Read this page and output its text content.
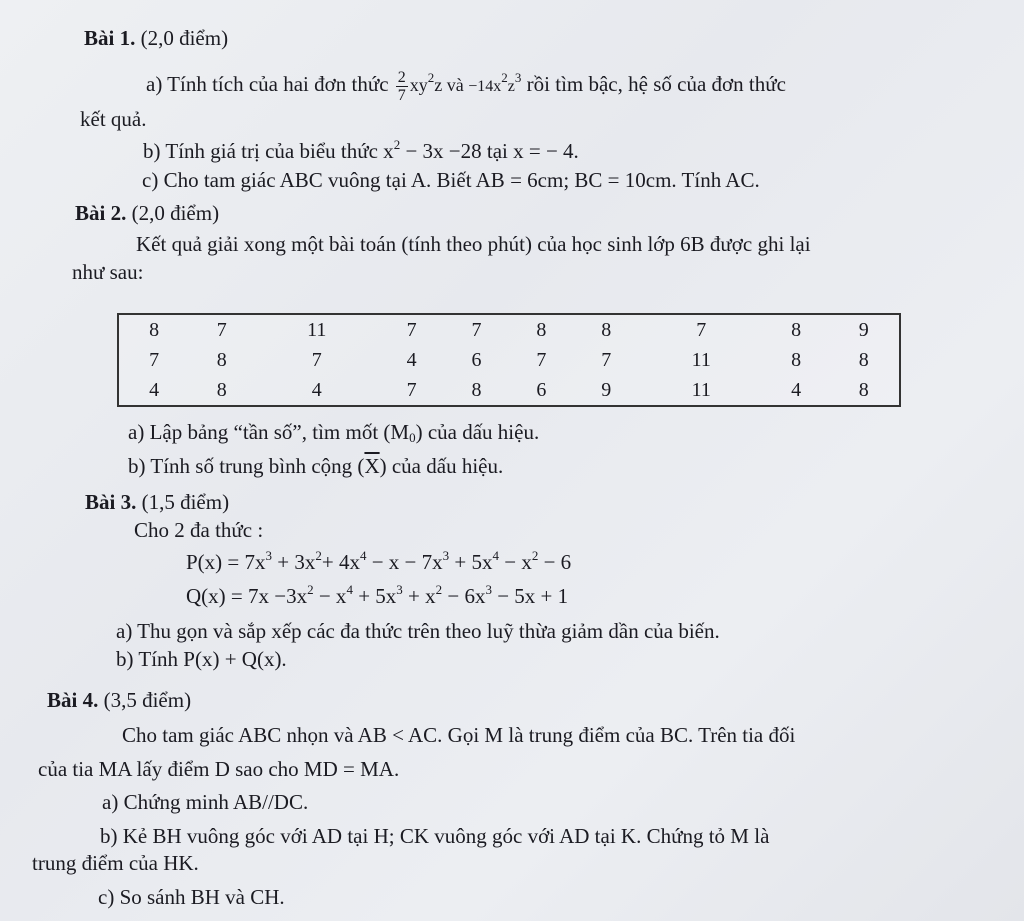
Bài 1. (2,0 điểm)
a) Tính tích của hai đơn thức $\frac{2}{7} xy^2z$ và $-14x^2z^3$ rồi tìm bậc, hệ số của đơn thức
kết quả.
b) Tính giá trị của biểu thức $x^2 - 3x -28$ tại x = − 4.
c) Cho tam giác ABC vuông tại A. Biết AB = 6cm; BC = 10cm. Tính AC.
Bài 2. (2,0 điểm)
Kết quả giải xong một bài toán (tính theo phút) của học sinh lớp 6B được ghi lại
như sau:
8	7	11	7	7	8	8	7	8	9
7	8	7	4	6	7	7	11	8	8
4	8	4	7	8	6	9	11	4	8
a) Lập bảng “tần số”, tìm mốt $(M_0)$ của dấu hiệu.
b) Tính số trung bình cộng $(\overline{X})$ của dấu hiệu.
Bài 3. (1,5 điểm)
Cho 2 đa thức :
$P(x) = 7x^3 + 3x^2+ 4x^4 - x - 7x^3 + 5x^4 - x^2 - 6$
$Q(x) = 7x -3x^2 - x^4 + 5x^3 + x^2 - 6x^3 - 5x + 1$
a) Thu gọn và sắp xếp các đa thức trên theo luỹ thừa giảm dần của biến.
b) Tính P(x) + Q(x).
Bài 4. (3,5 điểm)
Cho tam giác ABC nhọn và AB < AC. Gọi M là trung điểm của BC. Trên tia đối
của tia MA lấy điểm D sao cho MD = MA.
a) Chứng minh AB//DC.
b) Kẻ BH vuông góc với AD tại H; CK vuông góc với AD tại K. Chứng tỏ M là
trung điểm của HK.
c) So sánh BH và CH.
